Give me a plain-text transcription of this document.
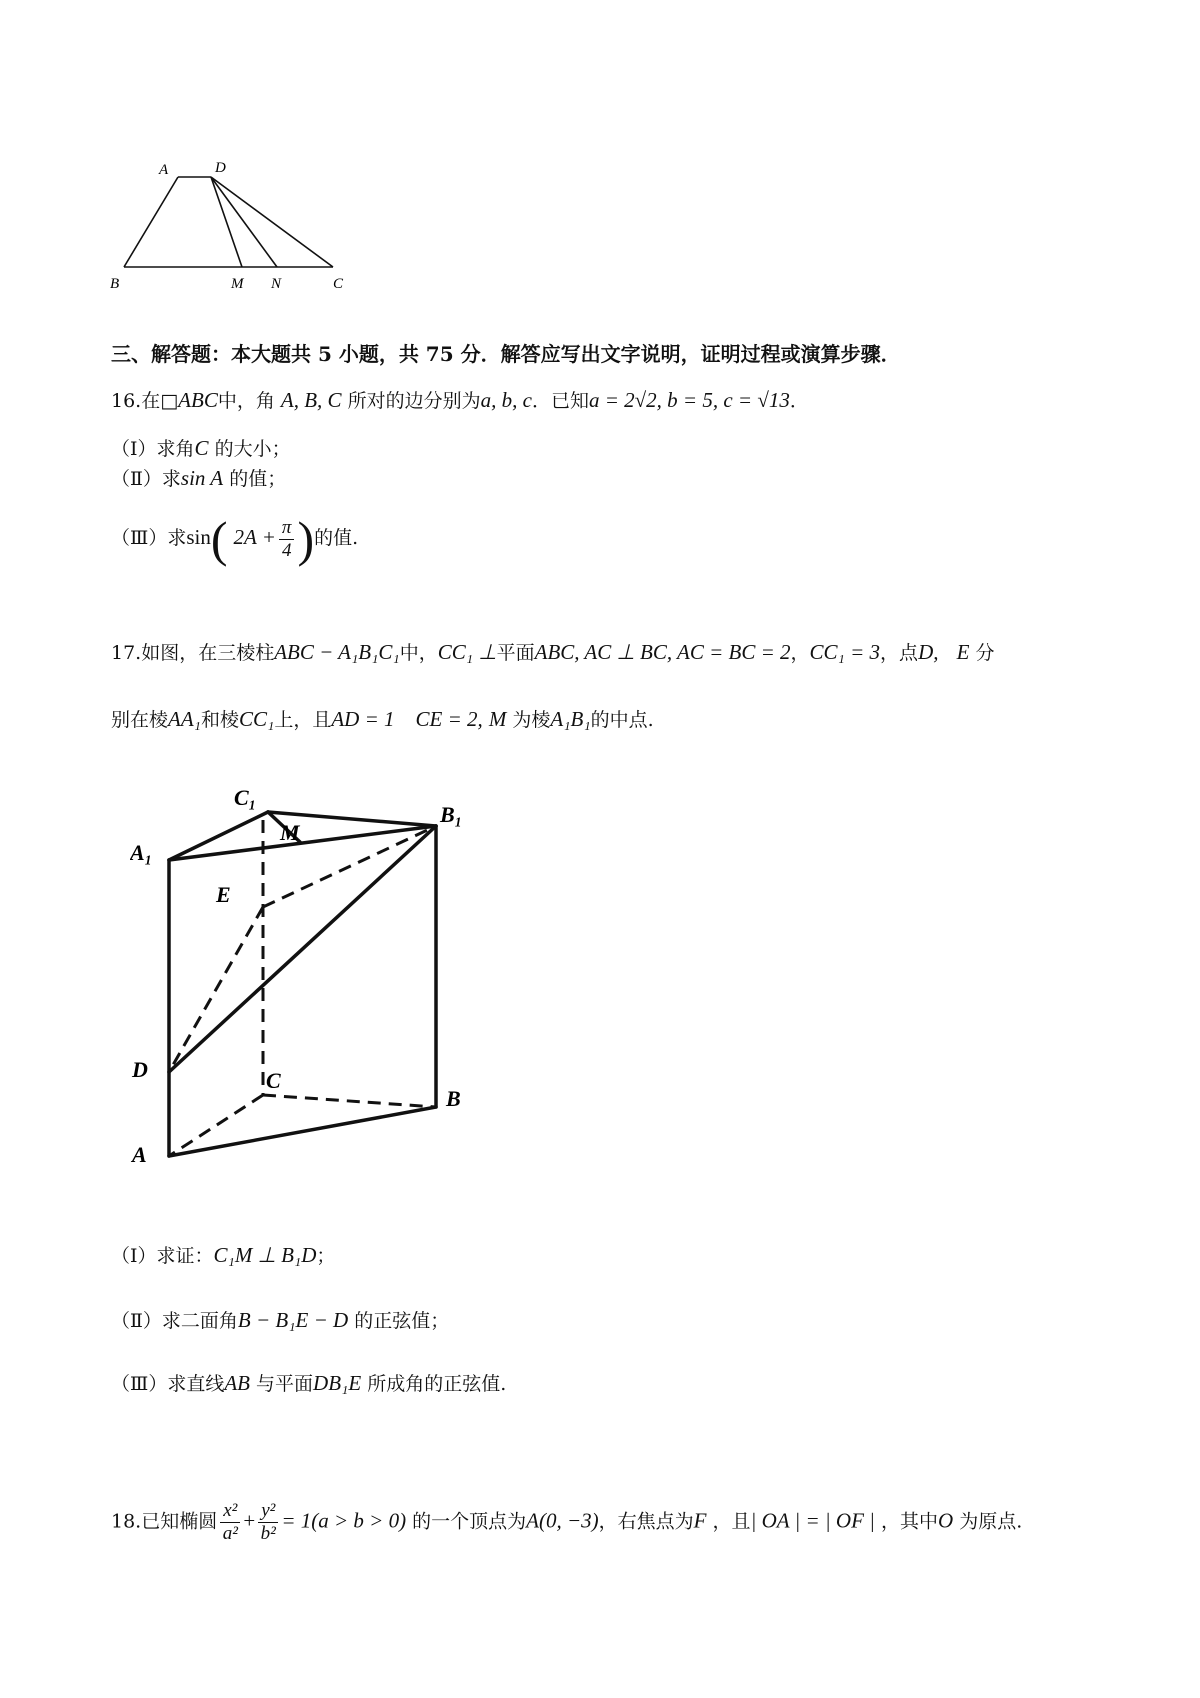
A	D
B	M N	C
三、解答题：本大题共 5 小题，共 75 分．解答应写出文字说明，证明过程或演算步骤．
16.在□ABC中，角 A, B, C 所对的边分别为a, b, c．已知a = 2√2, b = 5, c = √13．
（Ⅰ）求角C 的大小；
（Ⅱ）求sin A 的值；
（Ⅲ）求sin( $2A + \frac{\pi}{4}$ )的值.
17.如图，在三棱柱ABC − A₁B₁C₁中，CC₁ ⊥平面ABC, AC ⊥ BC, AC = BC = 2，CC₁ = 3，点D, E 分
别在棱AA₁和棱CC₁上，且AD = 1　CE = 2, M 为棱A₁B₁的中点.
C₁
B₁
A₁
M
E
D	C
B
A
（Ⅰ）求证：C₁M ⊥ B₁D；
（Ⅱ）求二面角B − B₁E − D 的正弦值；
（Ⅲ）求直线AB 与平面DB₁E 所成角的正弦值.
18.已知椭圆 $\frac{\text{x²}}{\text{a²}} + \frac{\text{y²}}{\text{b²}} = 1(a > b > 0)$ 的一个顶点为A(0, −3)，右焦点为F ，且| OA | = | OF | ，其中O 为原点.
